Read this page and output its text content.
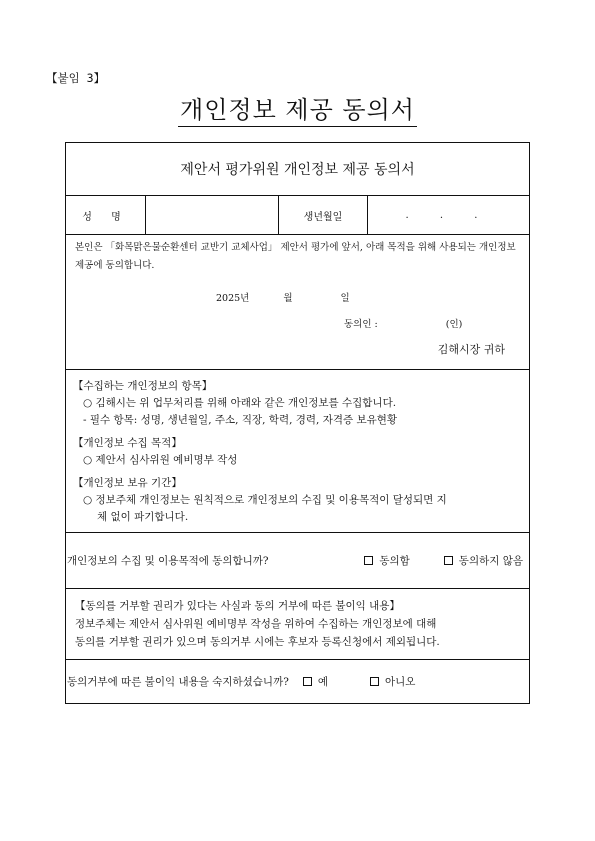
【붙임 3】
개인정보 제공 동의서
제안서 평가위원 개인정보 제공 동의서
성 명	생년월일	. . .
본인은 「화목맑은물순환센터 교반기 교체사업」 제안서 평가에 앞서, 아래 목적을 위해 사용되는 개인정보 제공에 동의합니다.
2025년	월	일
동의인 :	(인)
김해시장 귀하
【수집하는 개인정보의 항목】
○ 김해시는 위 업무처리를 위해 아래와 같은 개인정보를 수집합니다.
- 필수 항목: 성명, 생년월일, 주소, 직장, 학력, 경력, 자격증 보유현황
【개인정보 수집 목적】
○ 제안서 심사위원 예비명부 작성
【개인정보 보유 기간】
○ 정보주체 개인정보는 원칙적으로 개인정보의 수집 및 이용목적이 달성되면 지
체 없이 파기합니다.
개인정보의 수집 및 이용목적에 동의합니까?	동의함	동의하지 않음
【동의를 거부할 권리가 있다는 사실과 동의 거부에 따른 불이익 내용】
정보주체는 제안서 심사위원 예비명부 작성을 위하여 수집하는 개인정보에 대해
동의를 거부할 권리가 있으며 동의거부 시에는 후보자 등록신청에서 제외됩니다.
동의거부에 따른 불이익 내용을 숙지하셨습니까?	예	아니오
